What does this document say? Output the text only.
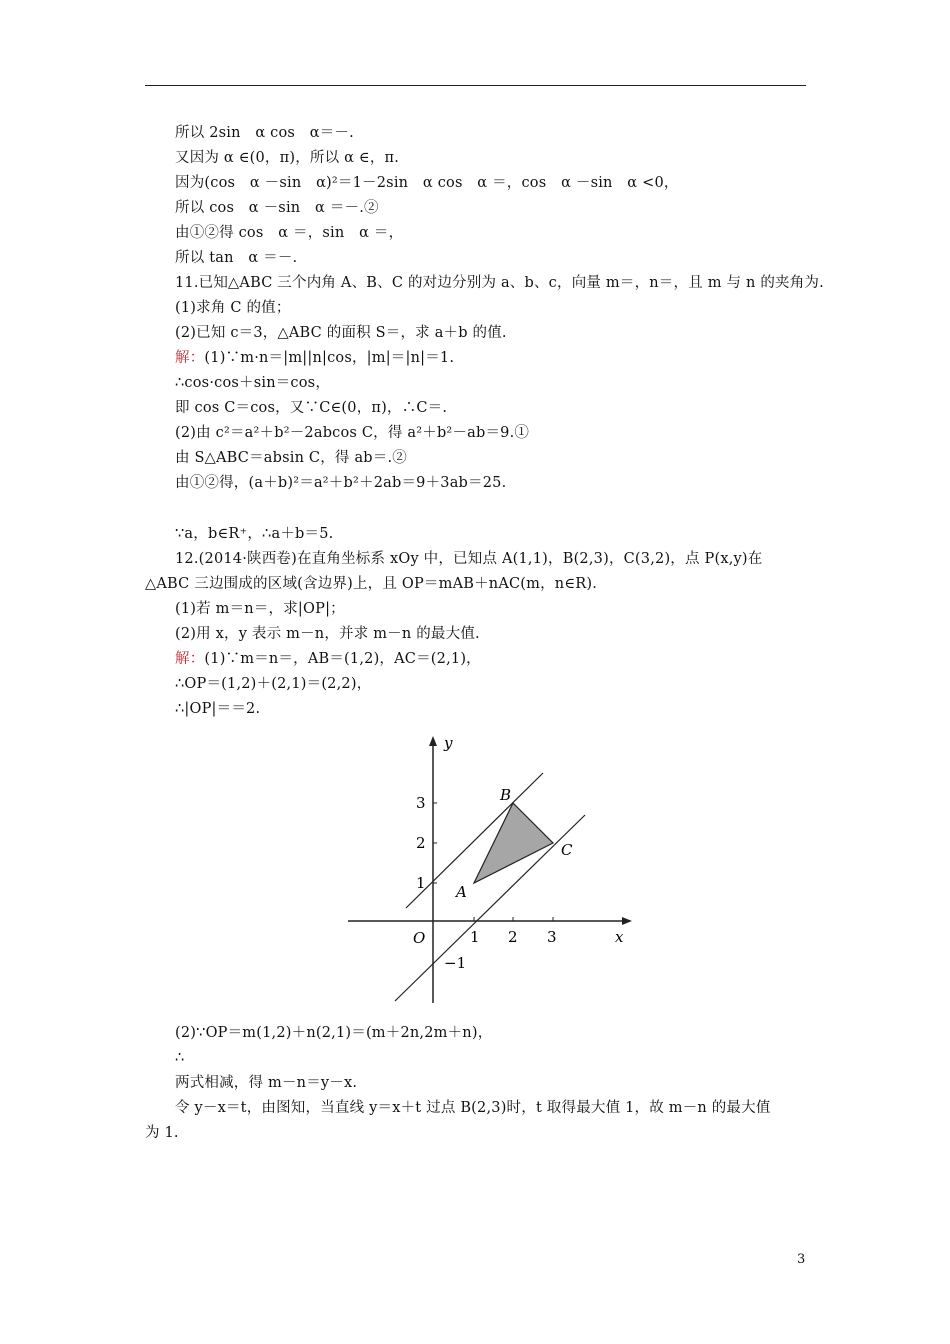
所以 2sin　α cos　α＝－.
又因为 α ∈(0，π)，所以 α ∈，π.
因为(cos　α －sin　α)²＝1－2sin　α cos　α ＝，cos　α －sin　α <0，
所以 cos　α －sin　α ＝－.②
由①②得 cos　α ＝，sin　α ＝，
所以 tan　α ＝－.
11.已知△ABC 三个内角 A、B、C 的对边分别为 a、b、c，向量 m＝，n＝，且 m 与 n 的夹角为.
(1)求角 C 的值；
(2)已知 c＝3，△ABC 的面积 S＝，求 a＋b 的值.
解：(1)∵m·n＝|m||n|cos，|m|＝|n|＝1.
∴cos·cos＋sin＝cos，
即 cos C＝cos，又∵C∈(0，π)，∴C＝.
(2)由 c²＝a²＋b²－2abcos C，得 a²＋b²－ab＝9.①
由 S△ABC＝absin C，得 ab＝.②
由①②得，(a＋b)²＝a²＋b²＋2ab＝9＋3ab＝25.
∵a，b∈R⁺，∴a＋b＝5.
12.(2014·陕西卷)在直角坐标系 xOy 中，已知点 A(1,1)，B(2,3)，C(3,2)，点 P(x,y)在
△ABC 三边围成的区域(含边界)上，且 OP＝mAB＋nAC(m，n∈R).
(1)若 m＝n＝，求|OP|；
(2)用 x，y 表示 m－n，并求 m－n 的最大值.
解：(1)∵m＝n＝，AB＝(1,2)，AC＝(2,1)，
∴OP＝(1,2)＋(2,1)＝(2,2)，
∴|OP|＝＝2.
y
x
O	1 2 3
3
2
1
−1
A
B
C
(2)∵OP＝m(1,2)＋n(2,1)＝(m＋2n,2m＋n)，
∴
两式相减，得 m－n＝y－x.
令 y－x＝t，由图知，当直线 y＝x＋t 过点 B(2,3)时，t 取得最大值 1，故 m－n 的最大值
为 1.
3
